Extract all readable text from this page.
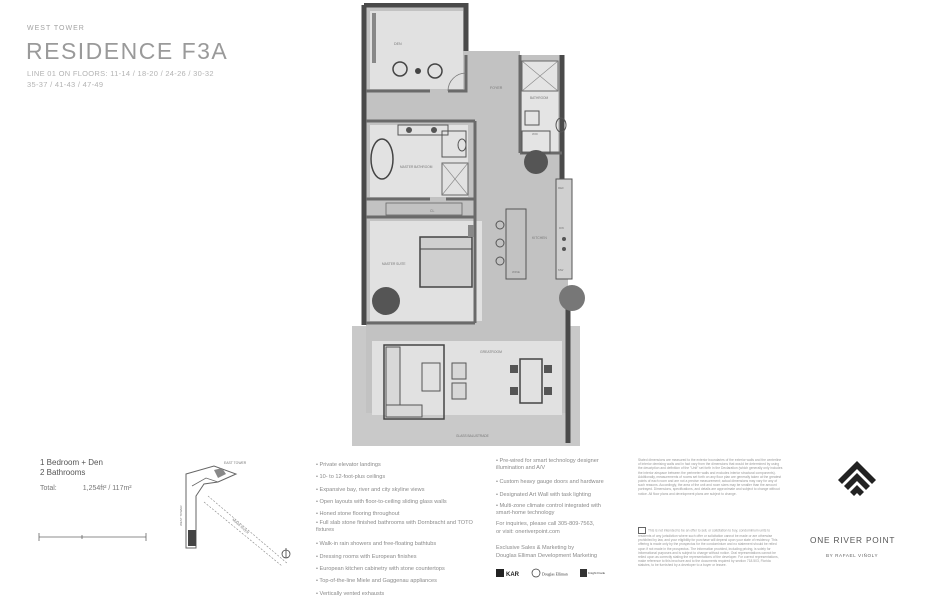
WEST TOWER
RESIDENCE F3A
LINE 01 ON FLOORS: 11-14 / 18-20 / 24-26 / 30-32
35-37 / 41-43 / 47-49
DEN
FOYER
BATHROOM
MASTER BATHROOM
CL
MASTER SUITE
KITCHEN
GREATROOM
GLASS BALUSTRADE
W/D
REF
DW
WINE	MW
1 Bedroom + Den
2 Bathrooms
Total:	1,254ft² / 117m²
EAST TOWER
WEST TOWER
MIAMI RIVER
• Private elevator landings
• 10- to 12-foot-plus ceilings
• Expansive bay, river and city skyline views
• Open layouts with floor-to-ceiling sliding glass walls
• Honed stone flooring throughout
• Full slab stone finished bathrooms with Dornbracht and TOTO fixtures
• Walk-in rain showers and free-floating bathtubs
• Dressing rooms with European finishes
• European kitchen cabinetry with stone countertops
• Top-of-the-line Miele and Gaggenau appliances
• Vertically vented exhausts
• Pre-wired for smart technology designer illumination and A/V
• Custom heavy gauge doors and hardware
• Designated Art Wall with task lighting
• Multi-zone climate control integrated with smart-home technology
For inquiries, please call 305-809-7563,
or visit: oneriverpoint.com
Exclusive Sales & Marketing by
Douglas Elliman Development Marketing
KAR	Douglas Elliman	Knight Frank
Stated dimensions are measured to the exterior boundaries of the exterior walls and the centerline of interior demising walls and in fact vary from the dimensions that would be determined by using the description and definition of the "Unit" set forth in the Declaration (which generally only includes the interior airspace between the perimeter walls and excludes interior structural components). Additionally, measurements of rooms set forth on any floor plan are generally taken at the greatest points of each room and are not a precise measurement; actual dimensions may vary for any of such reasons. Accordingly, the area of the unit and room sizes may be smaller than the amount portrayed. Dimensions, specifications, and details are approximate and subject to change without notice. All floor plans and development plans are subject to change.
This is not intended to be an offer to sell, or solicitation to buy, condominium units to residents of any jurisdiction where such offer or solicitation cannot be made or are otherwise prohibited by law, and your eligibility for purchase will depend upon your state of residency. This offering is made only by the prospectus for the condominium and no statement should be relied upon if not made in the prospectus. The information provided, including pricing, is solely for informational purposes and is subject to change without notice. Oral representations cannot be relied upon as correctly stating the representations of the developer. For correct representations, make reference to this brochure and to the documents required by section 718.503, Florida statutes, to be furnished by a developer to a buyer or lessee.
ONE RIVER POINT
BY RAFAEL VIÑOLY
